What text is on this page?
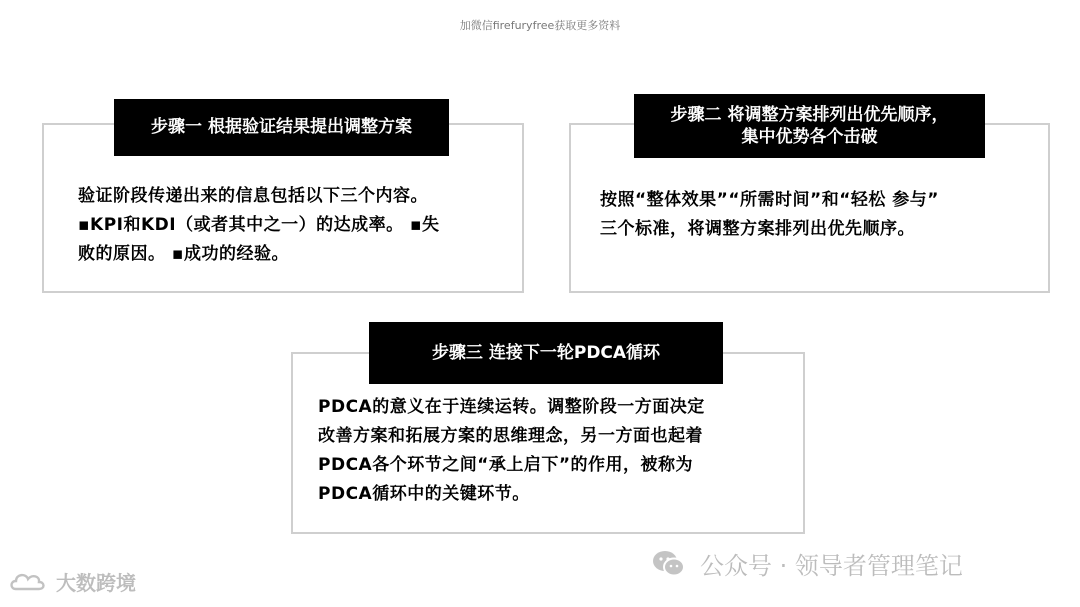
加微信firefuryfree获取更多资料
步骤一 根据验证结果提出调整方案
验证阶段传递出来的信息包括以下三个内容。
▪KPI和KDI（或者其中之一）的达成率。 ▪失
败的原因。 ▪成功的经验。
步骤二 将调整方案排列出优先顺序，
集中优势各个击破
按照“整体效果”“所需时间”和“轻松 参与”
三个标准，将调整方案排列出优先顺序。
步骤三 连接下一轮PDCA循环
PDCA的意义在于连续运转。调整阶段一方面决定
改善方案和拓展方案的思维理念，另一方面也起着
PDCA各个环节之间“承上启下”的作用，被称为
PDCA循环中的关键环节。
公众号 · 领导者管理笔记
大数跨境
